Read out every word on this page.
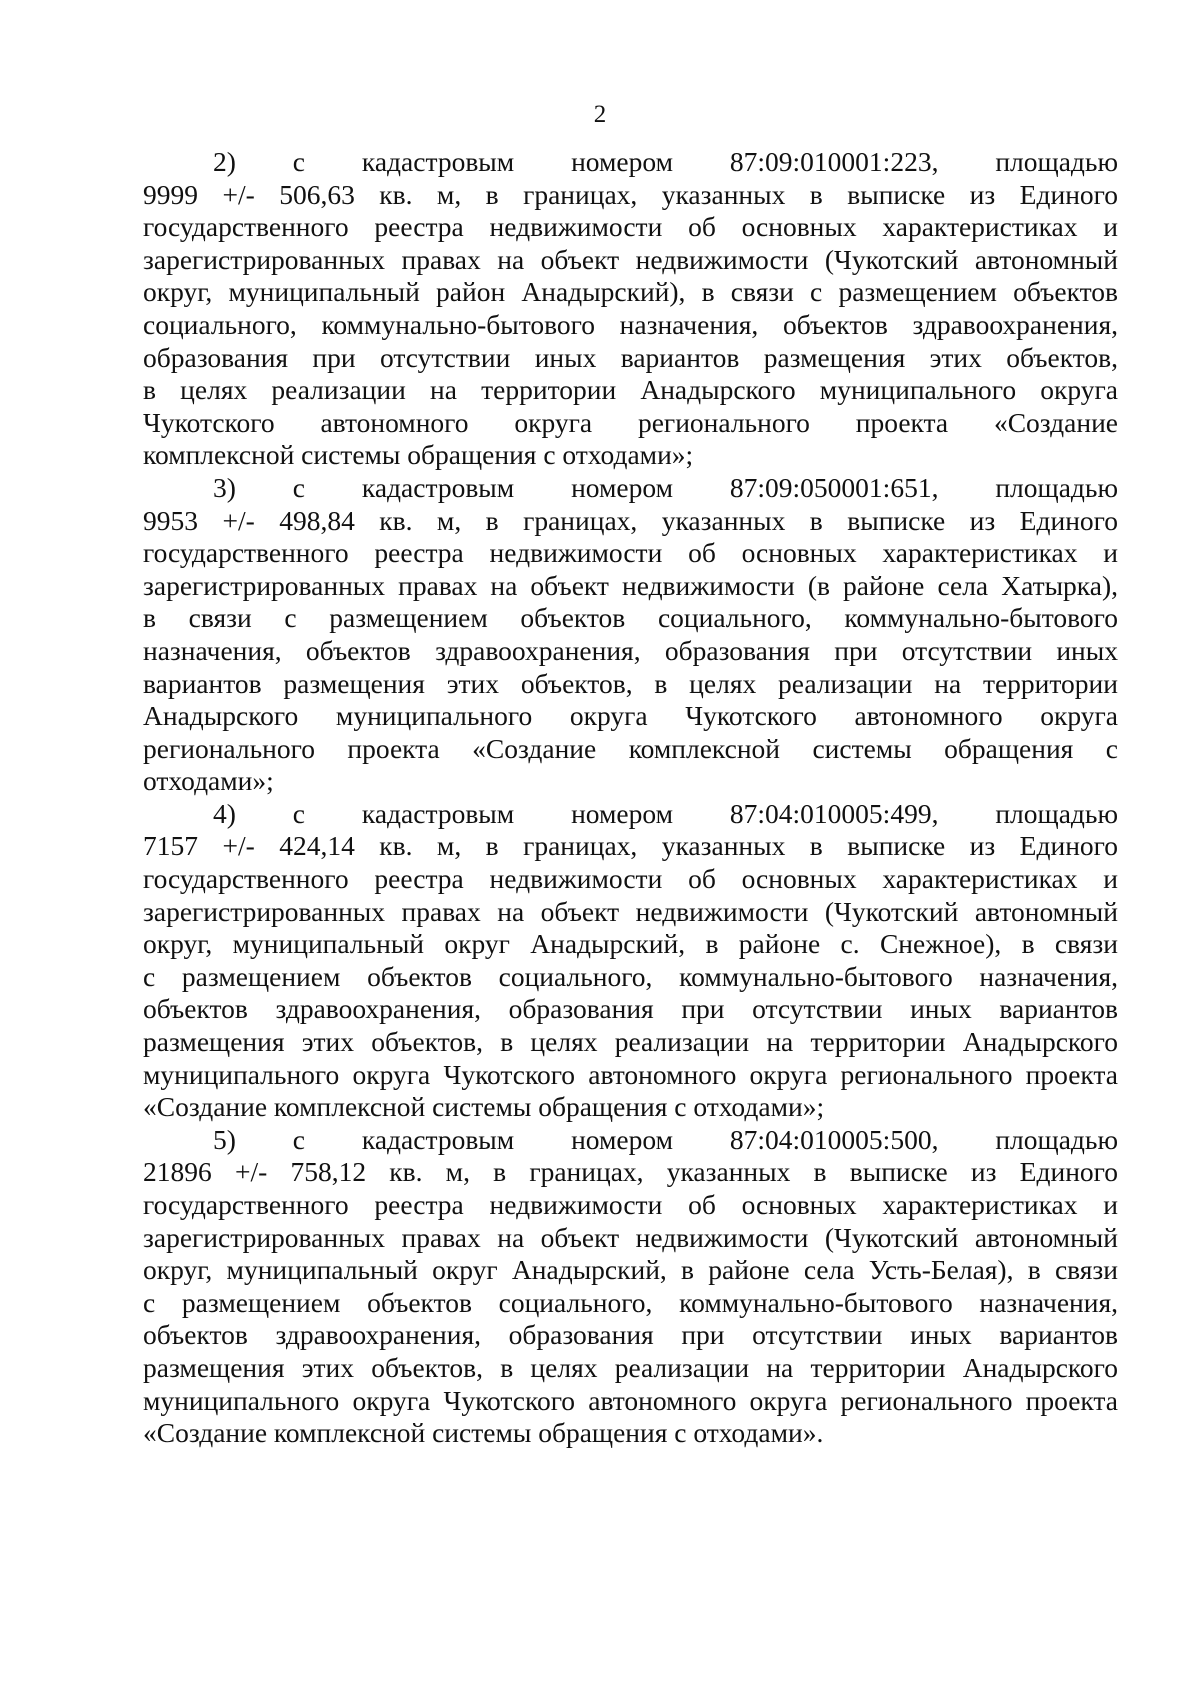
2
2)     с     кадастровым     номером     87:09:010001:223,     площадью
9999 +/- 506,63 кв. м, в границах, указанных в выписке из Единого
государственного реестра недвижимости об основных характеристиках и
зарегистрированных правах на объект недвижимости (Чукотский автономный
округ, муниципальный район Анадырский), в связи с размещением объектов
социального, коммунально-бытового назначения, объектов здравоохранения,
образования при отсутствии иных вариантов размещения этих объектов,
в целях реализации на территории Анадырского муниципального округа
Чукотского автономного округа регионального проекта «Создание
комплексной системы обращения с отходами»;
3)     с     кадастровым     номером     87:09:050001:651,     площадью
9953 +/- 498,84 кв. м, в границах, указанных в выписке из Единого
государственного реестра недвижимости об основных характеристиках и
зарегистрированных правах на объект недвижимости (в районе села Хатырка),
в связи с размещением объектов социального, коммунально-бытового
назначения, объектов здравоохранения, образования при отсутствии иных
вариантов размещения этих объектов, в целях реализации на территории
Анадырского муниципального округа Чукотского автономного округа
регионального проекта «Создание комплексной системы обращения с
отходами»;
4)     с     кадастровым     номером     87:04:010005:499,     площадью
7157 +/- 424,14 кв. м, в границах, указанных в выписке из Единого
государственного реестра недвижимости об основных характеристиках и
зарегистрированных правах на объект недвижимости (Чукотский автономный
округ, муниципальный округ Анадырский, в районе с. Снежное), в связи
с размещением объектов социального, коммунально-бытового назначения,
объектов здравоохранения, образования при отсутствии иных вариантов
размещения этих объектов, в целях реализации на территории Анадырского
муниципального округа Чукотского автономного округа регионального проекта
«Создание комплексной системы обращения с отходами»;
5)     с     кадастровым     номером     87:04:010005:500,     площадью
21896 +/- 758,12 кв. м, в границах, указанных в выписке из Единого
государственного реестра недвижимости об основных характеристиках и
зарегистрированных правах на объект недвижимости (Чукотский автономный
округ, муниципальный округ Анадырский, в районе села Усть-Белая), в связи
с размещением объектов социального, коммунально-бытового назначения,
объектов здравоохранения, образования при отсутствии иных вариантов
размещения этих объектов, в целях реализации на территории Анадырского
муниципального округа Чукотского автономного округа регионального проекта
«Создание комплексной системы обращения с отходами».
